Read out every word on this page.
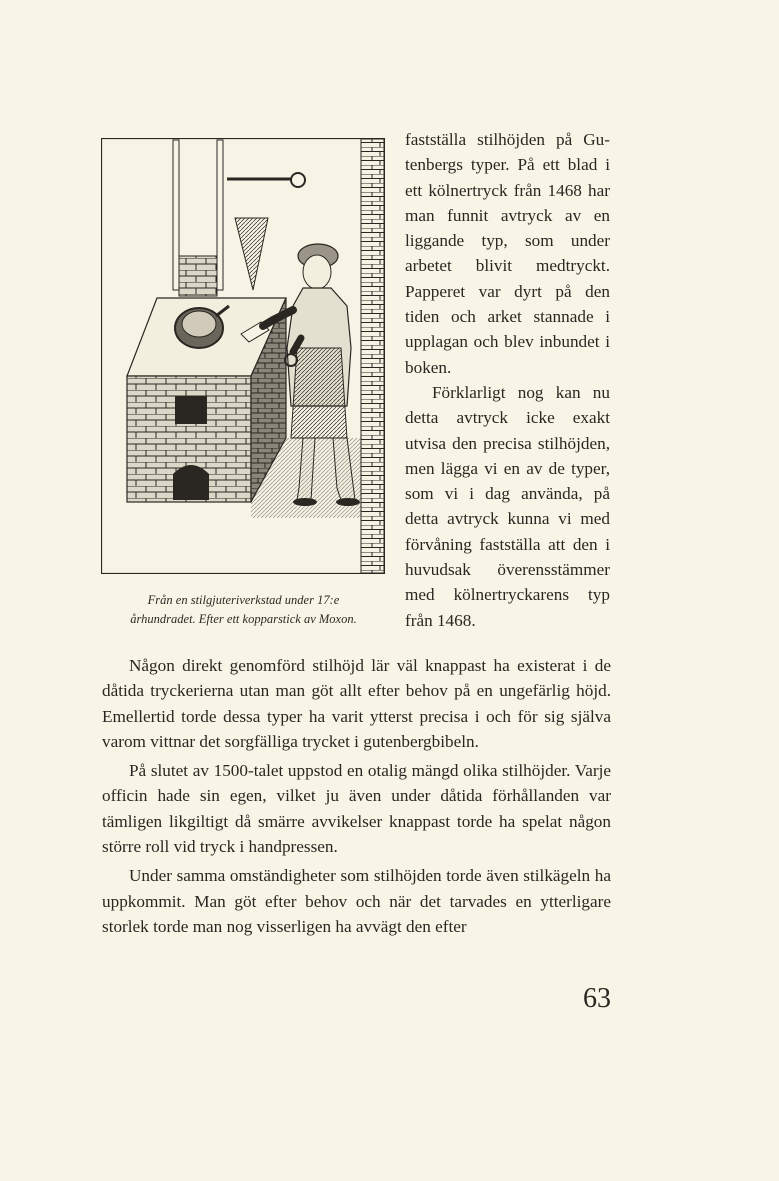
Från en stilgjuteriverkstad under 17:e
århundradet. Efter ett kopparstick av Moxon.

fastställa stilhöjden på Gutenbergs typer. På ett blad i ett kölnertryck från 1468 har man funnit avtryck av en liggande typ, som under arbetet blivit medtryckt. Papperet var dyrt på den tiden och arket stannade i upplagan och blev inbundet i boken.

Förklarligt nog kan nu detta avtryck icke exakt utvisa den precisa stilhöjden, men lägga vi en av de typer, som vi i dag använda, på detta avtryck kunna vi med förvåning fastställa att den i huvudsak överensstämmer med kölnertryckarens typ från 1468.

Någon direkt genomförd stilhöjd lär väl knappast ha existerat i de dåtida tryckerierna utan man göt allt efter behov på en ungefärlig höjd. Emellertid torde dessa typer ha varit ytterst precisa i och för sig själva varom vittnar det sorgfälliga trycket i gutenbergbibeln.

På slutet av 1500-talet uppstod en otalig mängd olika stilhöjder. Varje officin hade sin egen, vilket ju även under dåtida förhållanden var tämligen likgiltigt då smärre avvikelser knappast torde ha spelat någon större roll vid tryck i handpressen.

Under samma omständigheter som stilhöjden torde även stilkägeln ha uppkommit. Man göt efter behov och när det tarvades en ytterligare storlek torde man nog visserligen ha avvägt den efter

63
